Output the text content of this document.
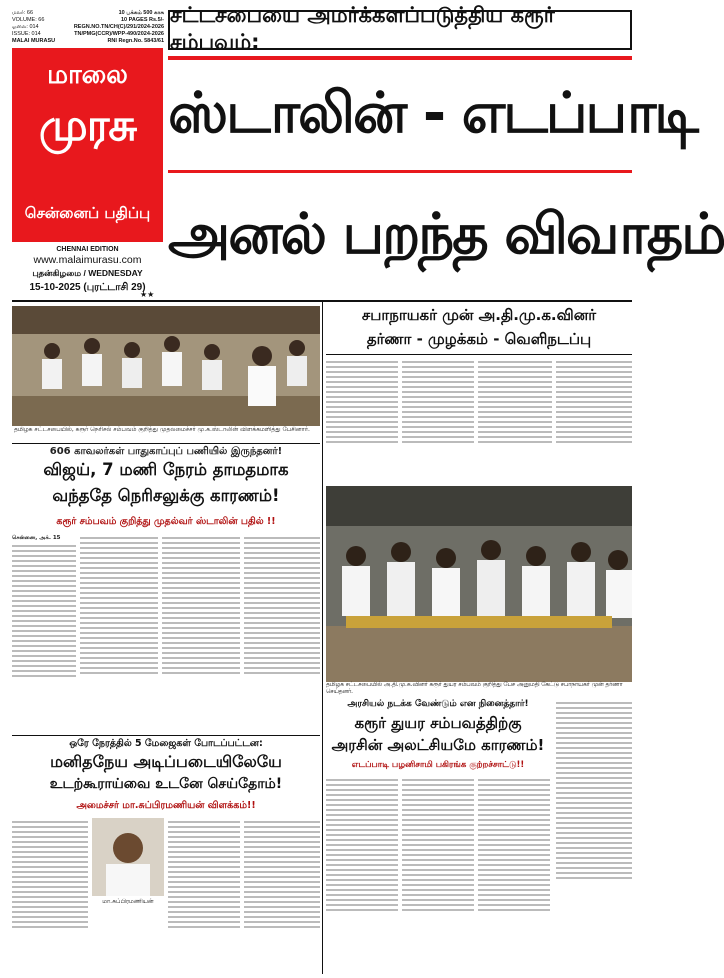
மலர்: 66
VOLUME: 66
ஓலை: 014
ISSUE: 014
MALAI MURASU
10 பக்கம் 500 காசு
10 PAGES Rs.5/-
REGN.NO.TN/CH(C)/291/2024-2026
TN/PMG(CCR)/WPP-490/2024-2026
RNI Regn.No. 5843/61
மாலை
முரசு
சென்னைப் பதிப்பு
CHENNAI EDITION
www.malaimurasu.com
புதன்கிழமை / WEDNESDAY
15-10-2025 (புரட்டாசி 29)
★★
சட்டசபையை அமர்க்களப்படுத்திய கரூர் சம்பவம்:
ஸ்டாலின் - எடப்பாடி
அனல் பறந்த விவாதம்
தமிழக சட்டசபையில், கரூர் நெரிசல் சம்பவம் குறித்து முதலமைச்சர் மு.க.ஸ்டாலின் விளக்கமளித்து பேசினார்.
606 காவலர்கள் பாதுகாப்புப் பணியில் இருந்தனர்!
விஜய், 7 மணி நேரம் தாமதமாக
வந்ததே நெரிசலுக்கு காரணம்!
கரூர் சம்பவம் குறித்து முதல்வர் ஸ்டாலின் பதில் !!
சென்னை, அக். 15
ஒரே நேரத்தில் 5 மேஜைகள் போடப்பட்டன:
மனிதநேய அடிப்படையிலேயே
உடற்கூராய்வை உடனே செய்தோம்!
அமைச்சர் மா.சுப்பிரமணியன் விளக்கம்!!
மா.சுப்பிரமணியன்
சபாநாயகர் முன் அ.தி.மு.க.வினர்
தர்ணா - முழக்கம் - வெளிநடப்பு
தமிழக சட்டசபையில் அ.தி.மு.க.வினர் கரூர் துயர சம்பவம் குறித்து பேச அனுமதி கேட்டு சபாநாயகர் முன் தர்ணா செய்தனர்.
அரசியல் நடக்க வேண்டும் என நினைத்தார்!
கரூர் துயர சம்பவத்திற்கு
அரசின் அலட்சியமே காரணம்!
எடப்பாடி பழனிசாமி பகிரங்க குற்றச்சாட்டு!!
